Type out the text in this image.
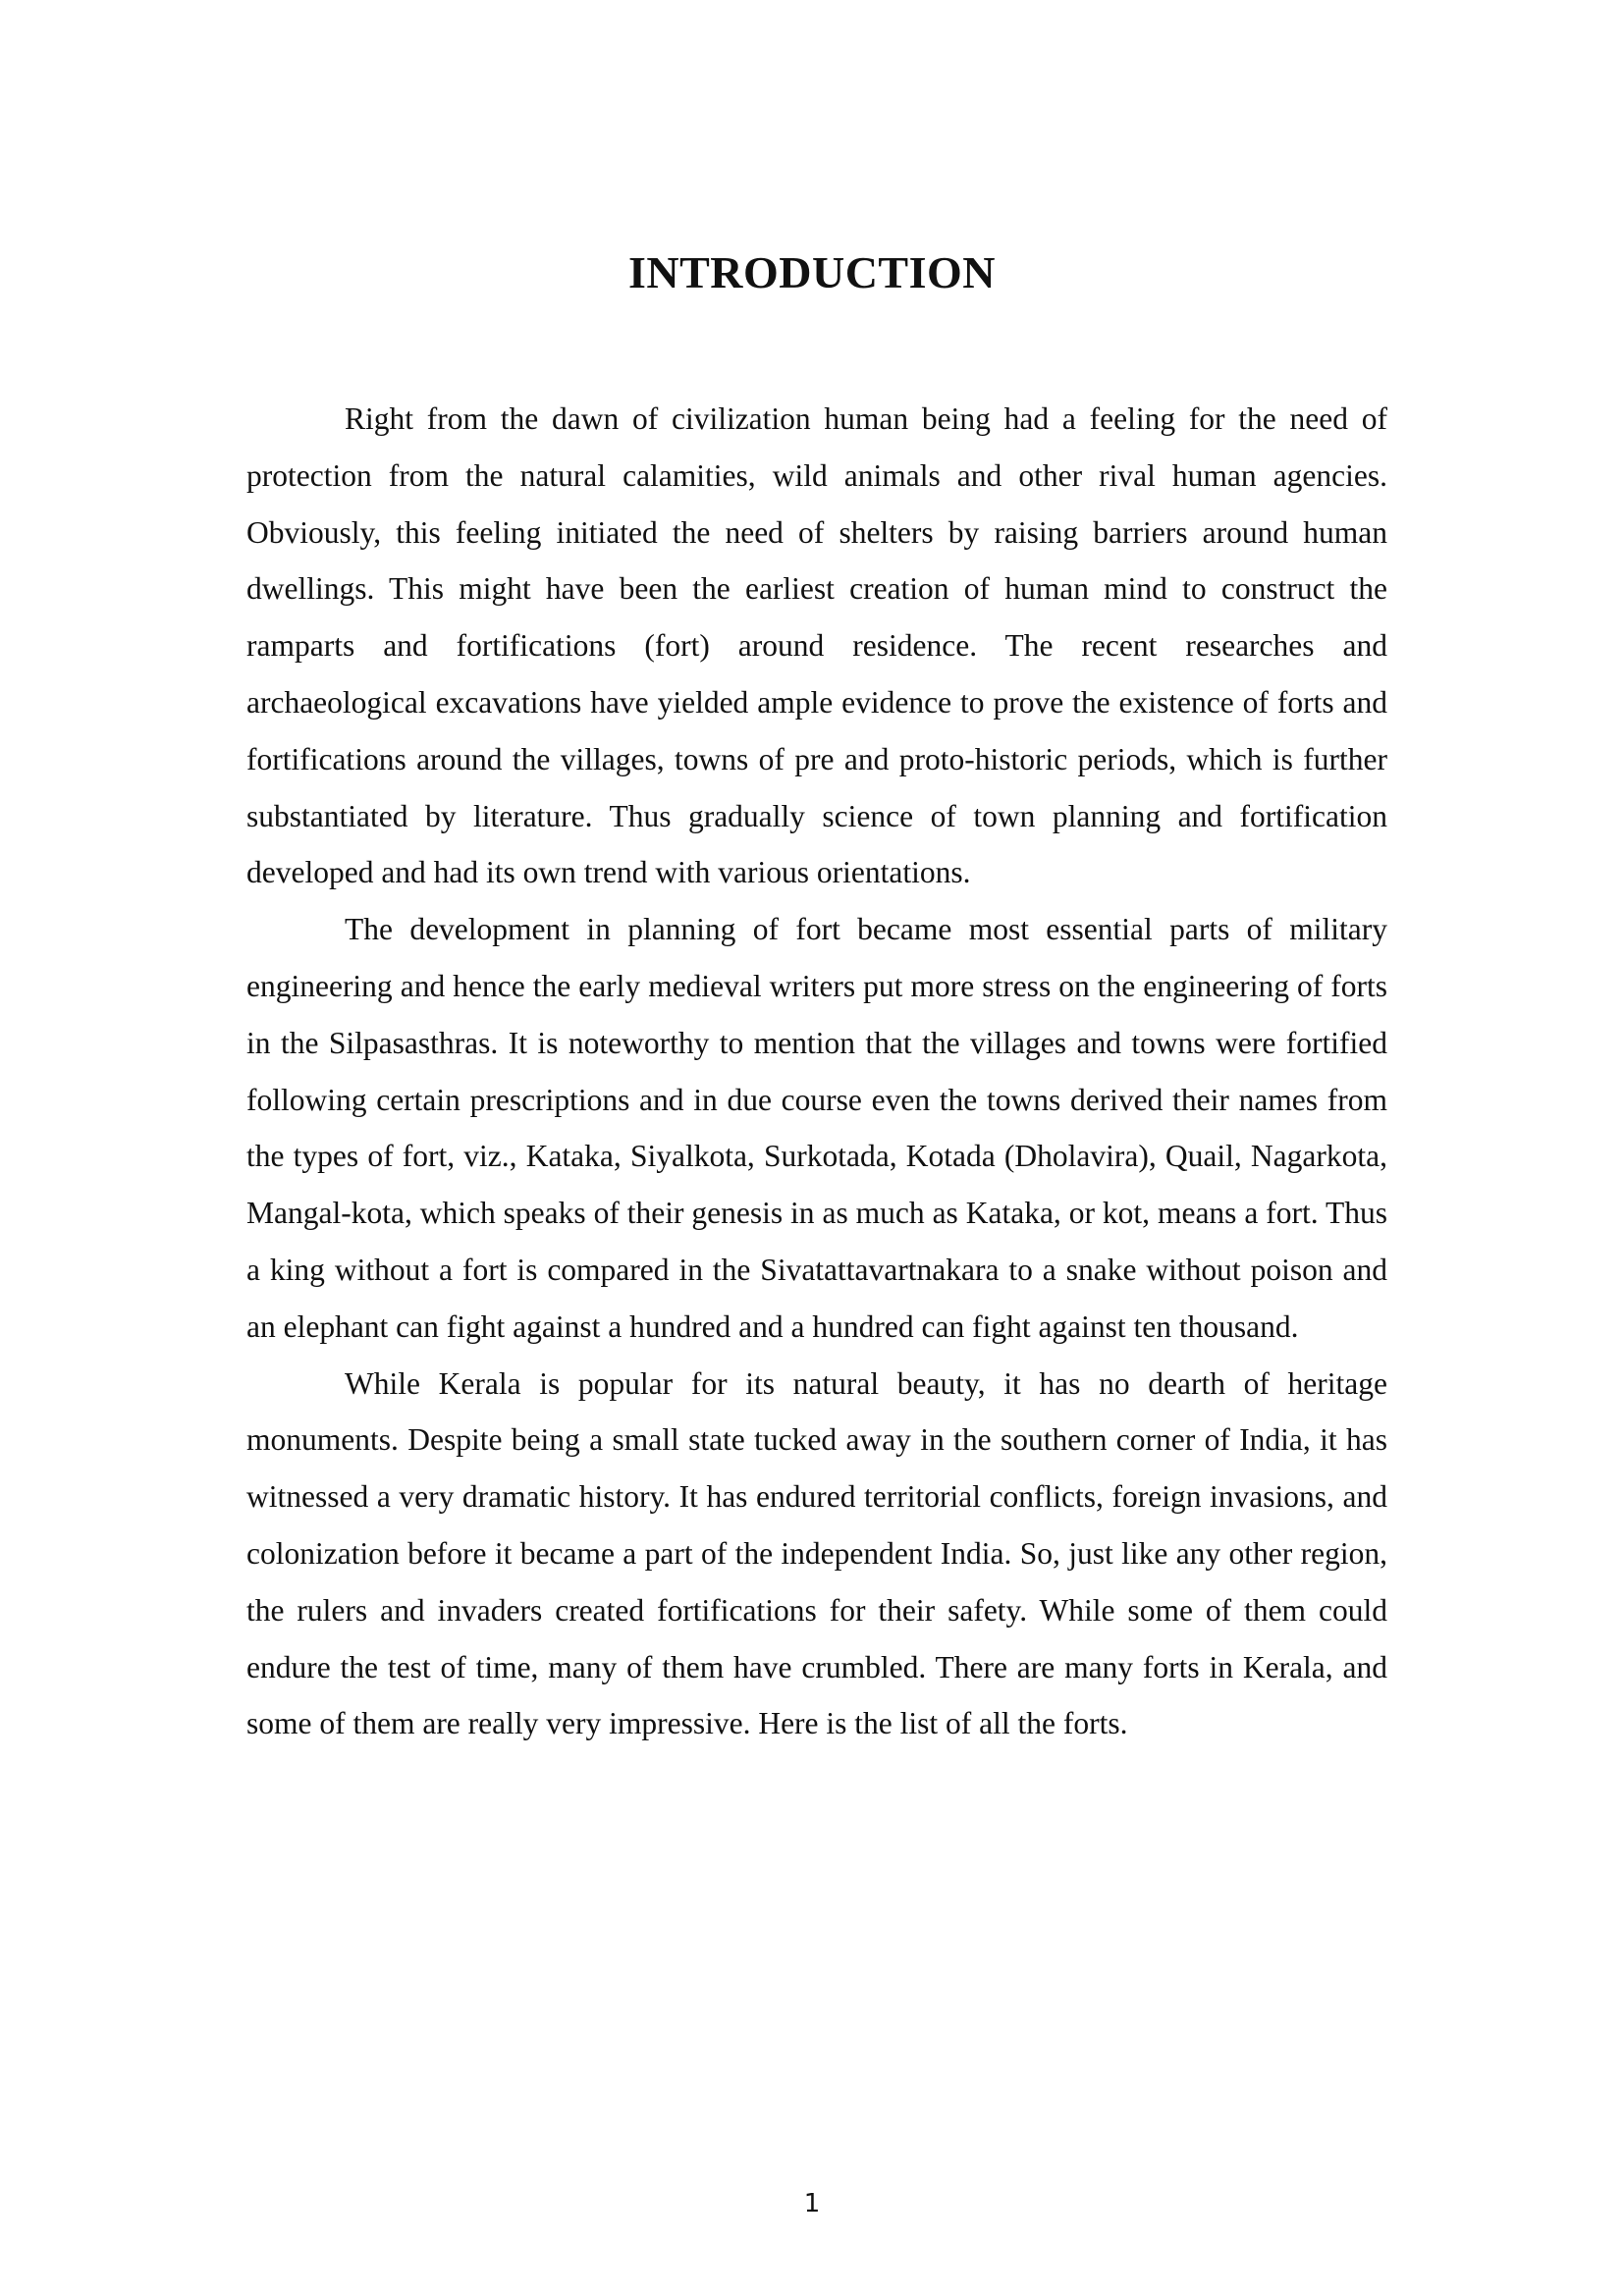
INTRODUCTION

Right from the dawn of civilization human being had a feeling for the need of protection from the natural calamities, wild animals and other rival human agencies. Obviously, this feeling initiated the need of shelters by raising barriers around human dwellings. This might have been the earliest creation of human mind to construct the ramparts and fortifications (fort) around residence. The recent researches and archaeological excavations have yielded ample evidence to prove the existence of forts and fortifications around the villages, towns of pre and proto-historic periods, which is further substantiated by literature. Thus gradually science of town planning and fortification developed and had its own trend with various orientations.

The development in planning of fort became most essential parts of military engineering and hence the early medieval writers put more stress on the engineering of forts in the Silpasasthras. It is noteworthy to mention that the villages and towns were fortified following certain prescriptions and in due course even the towns derived their names from the types of fort, viz., Kataka, Siyalkota, Surkotada, Kotada (Dholavira), Quail, Nagarkota, Mangal-kota, which speaks of their genesis in as much as Kataka, or kot, means a fort. Thus a king without a fort is compared in the Sivatattavartnakara to a snake without poison and an elephant can fight against a hundred and a hundred can fight against ten thousand.

While Kerala is popular for its natural beauty, it has no dearth of heritage monuments. Despite being a small state tucked away in the southern corner of India, it has witnessed a very dramatic history. It has endured territorial conflicts, foreign invasions, and colonization before it became a part of the independent India. So, just like any other region, the rulers and invaders created fortifications for their safety. While some of them could endure the test of time, many of them have crumbled. There are many forts in Kerala, and some of them are really very impressive. Here is the list of all the forts.

1
